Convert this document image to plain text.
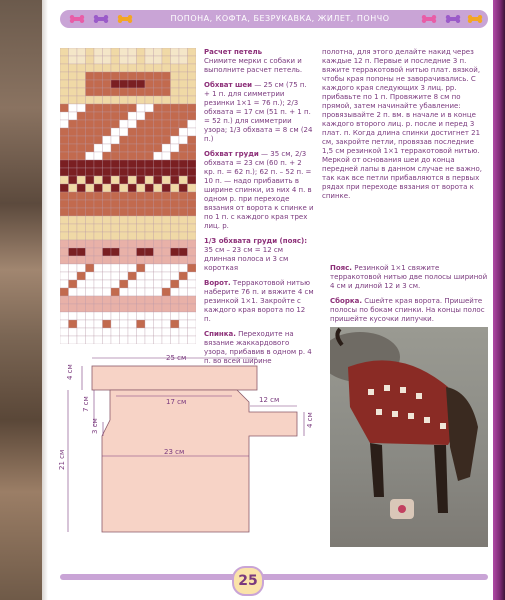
ПОПОНА, КОФТА, БЕЗРУКАВКА, ЖИЛЕТ, ПОНЧО

Расчет петель
Снимите мерки с собаки и выполните расчет петель.

Обхват шеи — 25 см (75 п. + 1 п. для симметрии резинки 1×1 = 76 п.); 2/3 обхвата = 17 см (51 п. + 1 п. = 52 п.) для симметрии узора; 1/3 обхвата = 8 см (24 п.)

Обхват груди — 35 см, 2/3 обхвата = 23 см (60 п. + 2 кр. п. = 62 п.); 62 п. – 52 п. = 10 п. — надо прибавить в ширине спинки, из них 4 п. в одном р. при переходе вязания от ворота к спинке и по 1 п. с каждого края трех лиц. р.

1/3 обхвата груди (пояс):
35 см – 23 см = 12 см длинная полоса и 3 см короткая

Ворот. Терракотовой нитью наберите 76 п. и вяжите 4 см резинкой 1×1. Закройте с каждого края ворота по 12 п.

Спинка. Переходите на вязание жаккардового узора, прибавив в одном р. 4 п. во всей ширине

полотна, для этого делайте накид через каждые 12 п. Первые и последние 3 п. вяжите терракотовой нитью плат. вязкой, чтобы края попоны не заворачивались. С каждого края следующих 3 лиц. рр. прибавьте по 1 п. Провяжите 8 см по прямой, затем начинайте убавление: провязывайте 2 п. вм. в начале и в конце каждого второго лиц. р. после и перед 3 плат. п. Когда длина спинки достигнет 21 см, закройте петли, провязав последние 1,5 см резинкой 1×1 терракотовой нитью. Меркой от основания шеи до конца передней лапы в данном случае не важно, так как все петли прибавляются в первых рядах при переходе вязания от ворота к спинке.

Пояс. Резинкой 1×1 свяжите терракотовой нитью две полосы шириной 4 см и длиной 12 и 3 см.

Сборка. Сшейте края ворота. Пришейте полосы по бокам спинки. На концы полос пришейте кусочки липучки.

25 см
4 см
17 см
7 см
3 см
12 см
4 см
23 см
21 см
25
